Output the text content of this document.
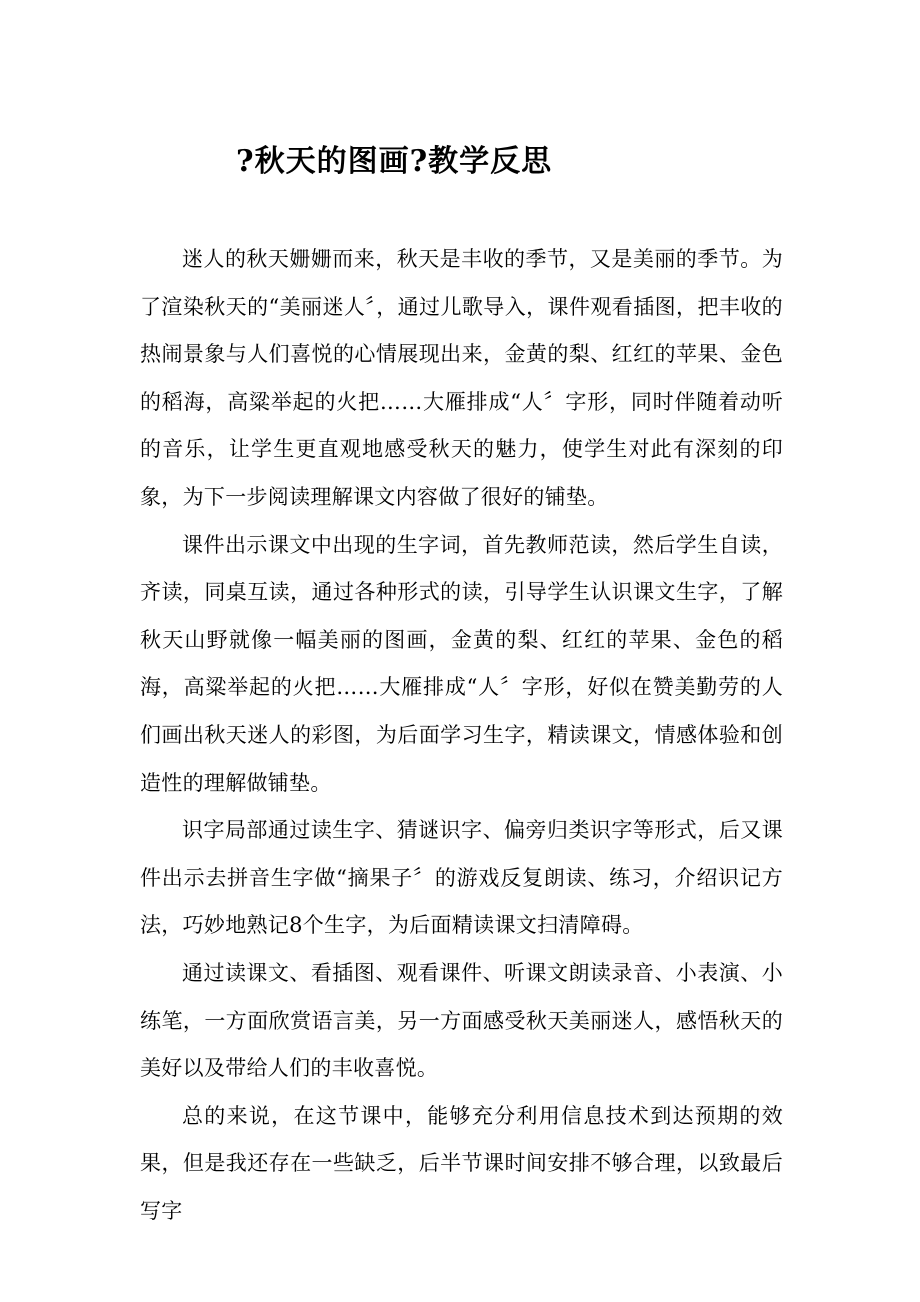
?秋天的图画?教学反思

迷人的秋天姗姗而来，秋天是丰收的季节，又是美丽的季节。为了渲染秋天的“美丽迷人〞，通过儿歌导入，课件观看插图，把丰收的热闹景象与人们喜悦的心情展现出来，金黄的梨、红红的苹果、金色的稻海，高粱举起的火把……大雁排成“人〞字形，同时伴随着动听的音乐，让学生更直观地感受秋天的魅力，使学生对此有深刻的印象，为下一步阅读理解课文内容做了很好的铺垫。

课件出示课文中出现的生字词，首先教师范读，然后学生自读，齐读，同桌互读，通过各种形式的读，引导学生认识课文生字，了解秋天山野就像一幅美丽的图画，金黄的梨、红红的苹果、金色的稻海，高粱举起的火把……大雁排成“人〞字形，好似在赞美勤劳的人们画出秋天迷人的彩图，为后面学习生字，精读课文，情感体验和创造性的理解做铺垫。

识字局部通过读生字、猜谜识字、偏旁归类识字等形式，后又课件出示去拼音生字做“摘果子〞的游戏反复朗读、练习，介绍识记方法，巧妙地熟记8个生字，为后面精读课文扫清障碍。

通过读课文、看插图、观看课件、听课文朗读录音、小表演、小练笔，一方面欣赏语言美，另一方面感受秋天美丽迷人，感悟秋天的美好以及带给人们的丰收喜悦。

总的来说，在这节课中，能够充分利用信息技术到达预期的效果，但是我还存在一些缺乏，后半节课时间安排不够合理，以致最后写字
